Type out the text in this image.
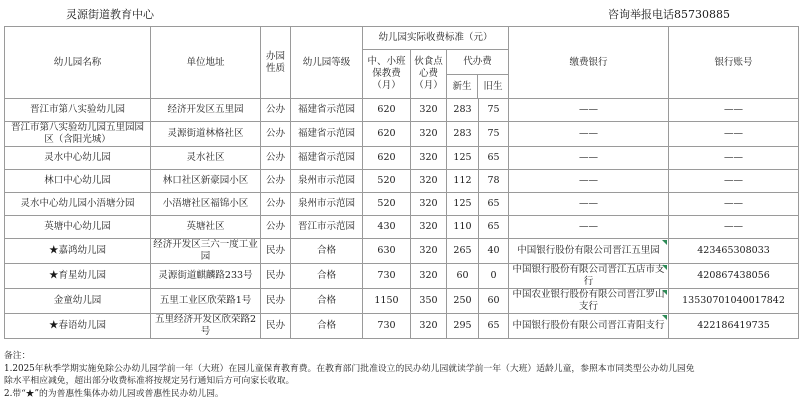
灵源街道教育中心	咨询举报电话85730885
幼儿园名称	单位地址	办园性质	幼儿园等级	幼儿园实际收费标准（元）				缴费银行	银行账号
				中、小班保教费（月）	伙食点心费（月）	代办费
新生 旧生			

晋江市第八实验幼儿园	经济开发区五里园	公办	福建省示范园	620	320	283	75	——	——
晋江市第八实验幼儿园五里园园区（含阳光城）	灵源街道林格社区	公办	福建省示范园	620	320	283	75	——	——
灵水中心幼儿园	灵水社区	公办	福建省示范园	620	320	125	65	——	——
林口中心幼儿园	林口社区新豪园小区	公办	泉州市示范园	520	320	112	78	——	——
灵水中心幼儿园小浯塘分园	小浯塘社区福锦小区	公办	泉州市示范园	520	320	125	65	——	——
英塘中心幼儿园	英塘社区	公办	晋江市示范园	430	320	110	65	——	——
★嘉鸿幼儿园	经济开发区三六一度工业园	民办	合格	630	320	265	40	中国银行股份有限公司晋江五里园	423465308033
★育星幼儿园	灵源街道麒麟路233号	民办	合格	730	320	60	0	中国银行股份有限公司晋江五店市支行	420867438056
金童幼儿园	五里工业区欣荣路1号	民办	合格	1150	350	250	60	中国农业银行股份有限公司晋江罗山支行	13530701040017842
★春语幼儿园	五里经济开发区欣荣路2号	民办	合格	730	320	295	65	中国银行股份有限公司晋江青阳支行	422186419735
备注：
1.2025年秋季学期实施免除公办幼儿园学前一年（大班）在园儿童保育教育费。在教育部门批准设立的民办幼儿园就读学前一年（大班）适龄儿童，参照本市同类型公办幼儿园免
除水平相应减免，超出部分收费标准将按规定另行通知后方可向家长收取。
2.带“★”的为普惠性集体办幼儿园或普惠性民办幼儿园。
